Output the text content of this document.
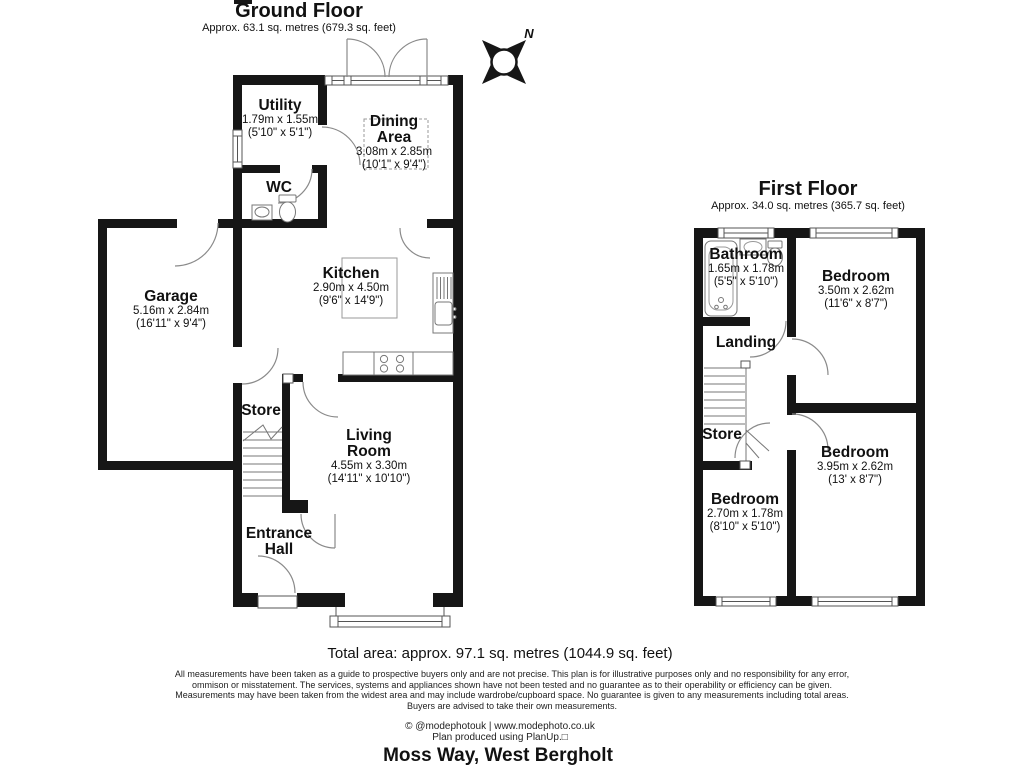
N
Ground Floor
Approx. 63.1 sq. metres (679.3 sq. feet)
First Floor
Approx. 34.0 sq. metres (365.7 sq. feet)
Utility
1.79m x 1.55m
(5'10" x 5'1")
Dining Area
3.08m x 2.85m
(10'1" x 9'4")
WC
Garage
5.16m x 2.84m
(16'11" x 9'4")
Kitchen
2.90m x 4.50m
(9'6" x 14'9")
Store
Living Room
4.55m x 3.30m
(14'11" x 10'10")
Entrance Hall
Bathroom
1.65m x 1.78m
(5'5" x 5'10")	Bedroom
3.50m x 2.62m
(11'6" x 8'7")
Landing
Store
Bedroom
3.95m x 2.62m
(13' x 8'7")
Bedroom
2.70m x 1.78m
(8'10" x 5'10")
Total area: approx. 97.1 sq. metres (1044.9 sq. feet)
All measurements have been taken as a guide to prospective buyers only and are not precise. This plan is for illustrative purposes only and no responsibility for any error,
ommison or misstatement. The services, systems and appliances shown have not been tested and no guarantee as to their operability or efficiency can be given.
Measurements may have been taken from the widest area and may include wardrobe/cupboard space. No guarantee is given to any measurements including total areas.
Buyers are advised to take their own measurements.
© @modephotouk | www.modephoto.co.uk
Plan produced using PlanUp.□
Moss Way, West Bergholt
